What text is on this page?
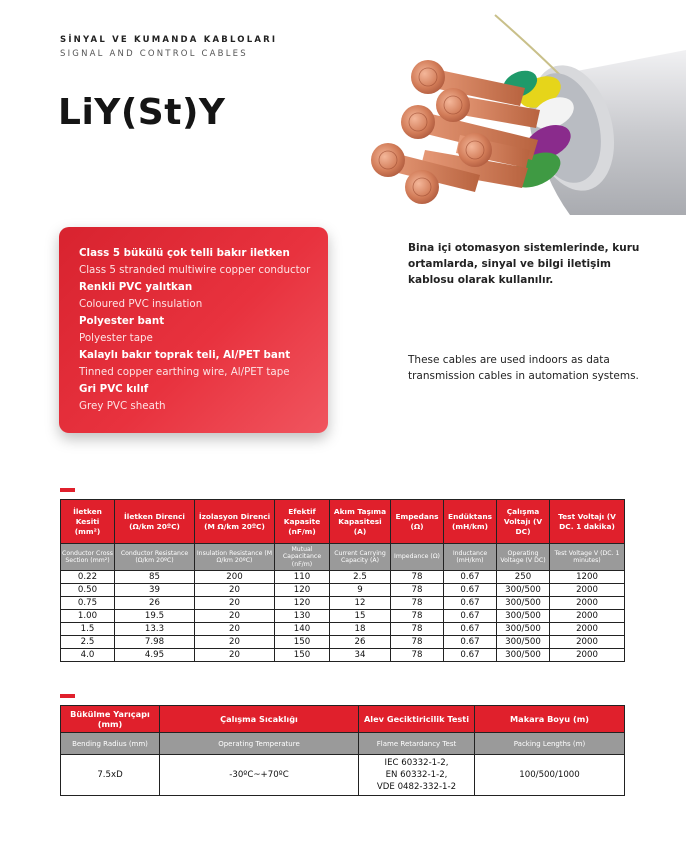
SİNYAL VE KUMANDA KABLOLARI
SIGNAL AND CONTROL CABLES
LiY(St)Y
Class 5 bükülü çok telli bakır iletken
Class 5 stranded multiwire copper conductor
Renkli PVC yalıtkan
Coloured PVC insulation
Polyester bant
Polyester tape
Kalaylı bakır toprak teli, Al/PET bant
Tinned copper earthing wire, Al/PET tape
Gri PVC kılıf
Grey PVC sheath
Bina içi otomasyon sistemlerinde, kuru ortamlarda, sinyal ve bilgi iletişim kablosu olarak kullanılır.
These cables are used indoors as data transmission cables in automation systems.
İletken Kesiti (mm²)	İletken Direnci (Ω/km 20ºC)	İzolasyon Direnci (M Ω/km 20ºC)	Efektif Kapasite (nF/m)	Akım Taşıma Kapasitesi (A)	Empedans (Ω)	Endüktans (mH/km)	Çalışma Voltajı (V DC)	Test Voltajı (V DC. 1 dakika)
Conductor Cross Section (mm²)	Conductor Resistance (Ω/km 20ºC)	Insulation Resistance (M Ω/km 20ºC)	Mutual Capacitance (nF/m)	Current Carrying Capacity (A)	Impedance (Ω)	Inductance (mH/km)	Operating Voltage (V DC)	Test Voltage V (DC. 1 minutes)
0.22	85	200	110	2.5	78	0.67	250	1200
0.50	39	20	120	9	78	0.67	300/500	2000
0.75	26	20	120	12	78	0.67	300/500	2000
1.00	19.5	20	130	15	78	0.67	300/500	2000
1.5	13.3	20	140	18	78	0.67	300/500	2000
2.5	7.98	20	150	26	78	0.67	300/500	2000
4.0	4.95	20	150	34	78	0.67	300/500	2000
Bükülme Yarıçapı (mm)	Çalışma Sıcaklığı	Alev Geciktiricilik Testi	Makara Boyu (m)
Bending Radius (mm)	Operating Temperature	Flame Retardancy Test	Packing Lengths (m)
7.5xD	-30ºC~+70ºC	IEC 60332-1-2,
EN 60332-1-2,
VDE 0482-332-1-2	100/500/1000
